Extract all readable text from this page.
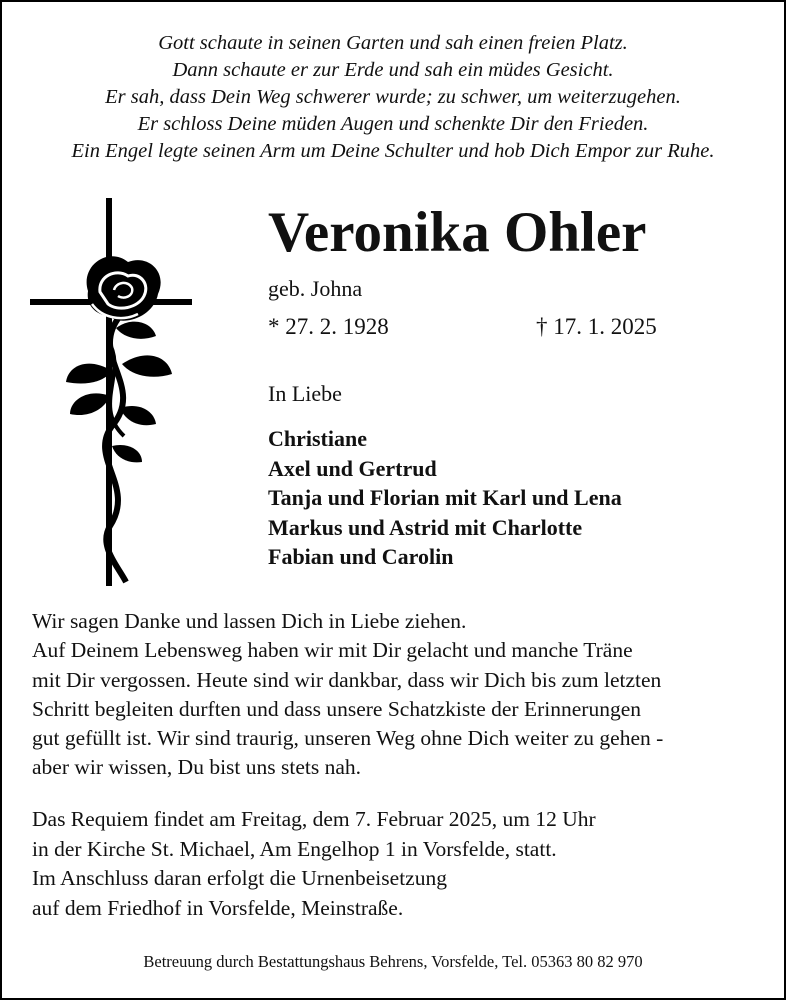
Gott schaute in seinen Garten und sah einen freien Platz.
Dann schaute er zur Erde und sah ein müdes Gesicht.
Er sah, dass Dein Weg schwerer wurde; zu schwer, um weiterzugehen.
Er schloss Deine müden Augen und schenkte Dir den Frieden.
Ein Engel legte seinen Arm um Deine Schulter und hob Dich Empor zur Ruhe.
Veronika Ohler
geb. Johna
* 27. 2. 1928	† 17. 1. 2025
In Liebe
Christiane
Axel und Gertrud
Tanja und Florian mit Karl und Lena
Markus und Astrid mit Charlotte
Fabian und Carolin
Wir sagen Danke und lassen Dich in Liebe ziehen.
Auf Deinem Lebensweg haben wir mit Dir gelacht und manche Träne
mit Dir vergossen. Heute sind wir dankbar, dass wir Dich bis zum letzten
Schritt begleiten durften und dass unsere Schatzkiste der Erinnerungen
gut gefüllt ist. Wir sind traurig, unseren Weg ohne Dich weiter zu gehen -
aber wir wissen, Du bist uns stets nah.
Das Requiem findet am Freitag, dem 7. Februar 2025, um 12 Uhr
in der Kirche St. Michael, Am Engelhop 1 in Vorsfelde, statt.
Im Anschluss daran erfolgt die Urnenbeisetzung
auf dem Friedhof in Vorsfelde, Meinstraße.
Betreuung durch Bestattungshaus Behrens, Vorsfelde, Tel. 05363 80 82 970
